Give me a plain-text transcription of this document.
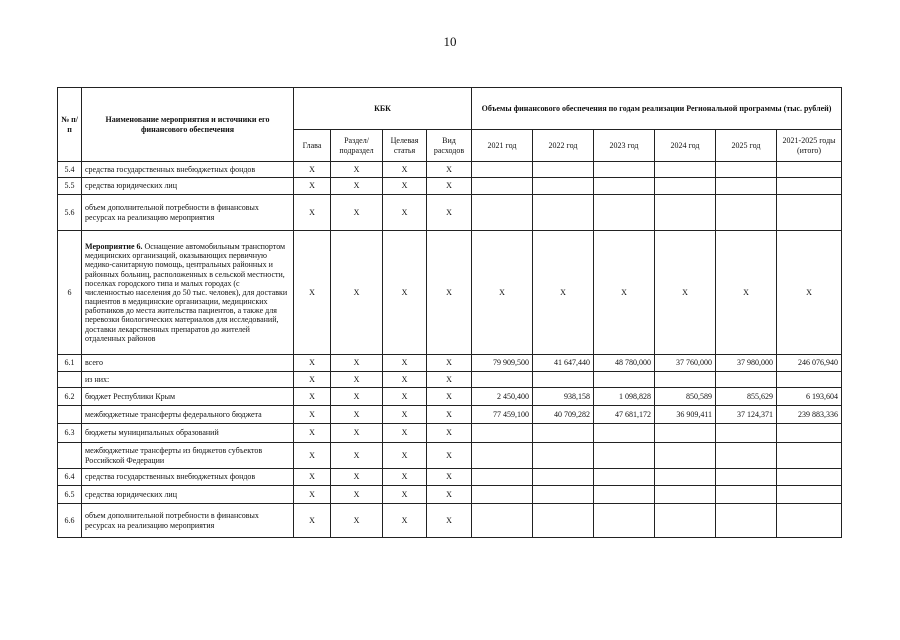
10
№ п/п	Наименование мероприятия и источники его финансового обеспечения	КБК				Объемы финансового обеспечения по годам реализации Региональной программы (тыс. рублей)					
		Глава	Раздел/ подраздел	Целевая статья	Вид расходов	2021 год	2022 год	2023 год	2024 год	2025 год	2021-2025 годы (итого)
5.4	средства государственных внебюджетных фондов	X	X	X	X						
5.5	средства юридических лиц	X	X	X	X						
5.6	объем дополнительной потребности в финансовых ресурсах на реализацию мероприятия	X	X	X	X						
6	Мероприятие 6. Оснащение автомобильным транспортом медицинских организаций, оказывающих первичную медико-санитарную помощь, центральных районных и районных больниц, расположенных в сельской местности, поселках городского типа и малых городах (с численностью населения до 50 тыс. человек), для доставки пациентов в медицинские организации, медицинских работников до места жительства пациентов, а также для перевозки биологических материалов для исследований, доставки лекарственных препаратов до жителей отдаленных районов	X	X	X	X	X	X	X	X	X	X
6.1	всего	X	X	X	X	79 909,500	41 647,440	48 780,000	37 760,000	37 980,000	246 076,940
	из них:	X	X	X	X						
6.2	бюджет Республики Крым	X	X	X	X	2 450,400	938,158	1 098,828	850,589	855,629	6 193,604
	межбюджетные трансферты федерального бюджета	X	X	X	X	77 459,100	40 709,282	47 681,172	36 909,411	37 124,371	239 883,336
6.3	бюджеты муниципальных образований	X	X	X	X						
	межбюджетные трансферты из бюджетов субъектов Российской Федерации	X	X	X	X						
6.4	средства государственных внебюджетных фондов	X	X	X	X						
6.5	средства юридических лиц	X	X	X	X						
6.6	объем дополнительной потребности в финансовых ресурсах на реализацию мероприятия	X	X	X	X						
